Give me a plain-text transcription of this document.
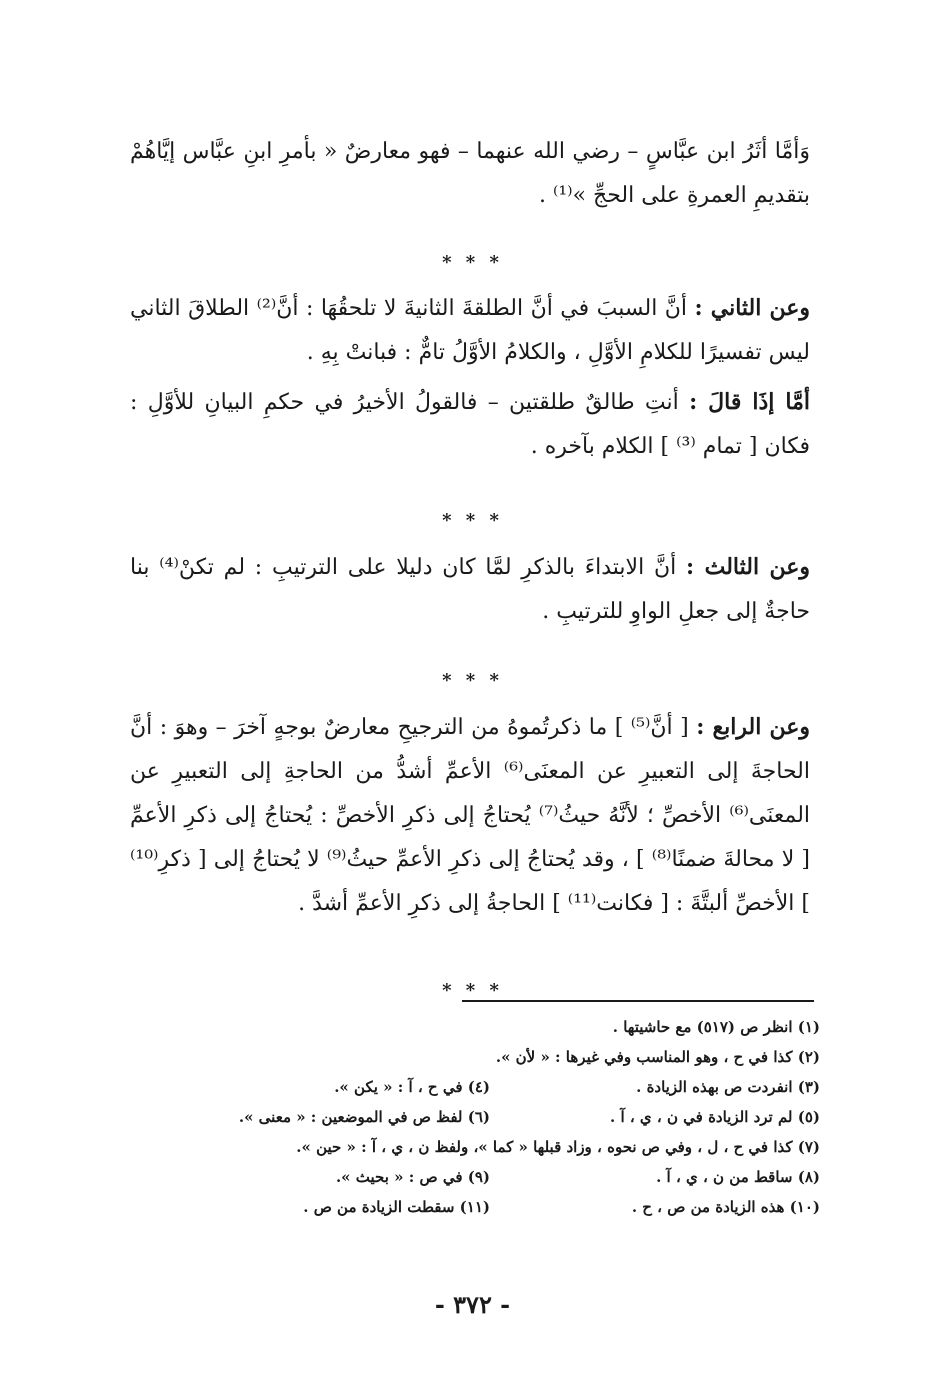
وَأمَّا أثَرُ ابن عبَّاسٍ – رضي الله عنهما – فهو معارضٌ « بأمرِ ابنِ عبَّاس إيَّاهُمْ بتقديمِ العمرةِ على الحجِّ »⁽¹⁾ .

* * *

وعن الثاني : أنَّ السببَ في أنَّ الطلقةَ الثانيةَ لا تلحقُهَا : أنَّ⁽²⁾ الطلاقَ الثاني ليس تفسيرًا للكلامِ الأوَّلِ ، والكلامُ الأوَّلُ تامٌّ : فبانتْ بِهِ .

أمَّا إذَا قالَ : أنتِ طالقٌ طلقتين – فالقولُ الأخيرُ في حكمِ البيانِ للأوَّلِ : فكان [ تمام ⁽³⁾ ] الكلام بآخره .

* * *

وعن الثالث : أنَّ الابتداءَ بالذكرِ لمَّا كان دليلا على الترتيبِ : لم تكنْ⁽⁴⁾ بنا حاجةٌ إلى جعلِ الواوِ للترتيبِ .

* * *

وعن الرابع : [ أنَّ⁽⁵⁾ ] ما ذكرتُموهُ من الترجيحِ معارضٌ بوجهٍ آخرَ – وهوَ : أنَّ الحاجةَ إلى التعبيرِ عن المعنَى⁽⁶⁾ الأعمِّ أشدُّ من الحاجةِ إلى التعبيرِ عن المعنَى⁽⁶⁾ الأخصِّ ؛ لأنَّهُ حيثُ⁽⁷⁾ يُحتاجُ إلى ذكرِ الأخصِّ : يُحتاجُ إلى ذكرِ الأعمِّ [ لا محالةَ ضمنًا⁽⁸⁾ ] ، وقد يُحتاجُ إلى ذكرِ الأعمِّ حيثُ⁽⁹⁾ لا يُحتاجُ إلى [ ذكرِ⁽¹⁰⁾ ] الأخصِّ ألبتَّةَ : [ فكانت⁽¹¹⁾ ] الحاجةُ إلى ذكرِ الأعمِّ أشدَّ .

* * *
(١) انظر ص (٥١٧) مع حاشيتها .
(٢) كذا في ح ، وهو المناسب وفي غيرها : « لأن ».
(٣) انفردت ص بهذه الزيادة .
(٤) في ح ، آ : « يكن ».
(٥) لم ترد الزيادة في ن ، ي ، آ .
(٦) لفظ ص في الموضعين : « معنى ».
(٧) كذا في ح ، ل ، وفي ص نحوه ، وزاد قبلها « كما »، ولفظ ن ، ي ، آ : « حين ».
(٨) ساقط من ن ، ي ، آ .
(٩) في ص : « بحيث ».
(١٠) هذه الزيادة من ص ، ح .
(١١) سقطت الزيادة من ص .
- ٣٧٢ -
